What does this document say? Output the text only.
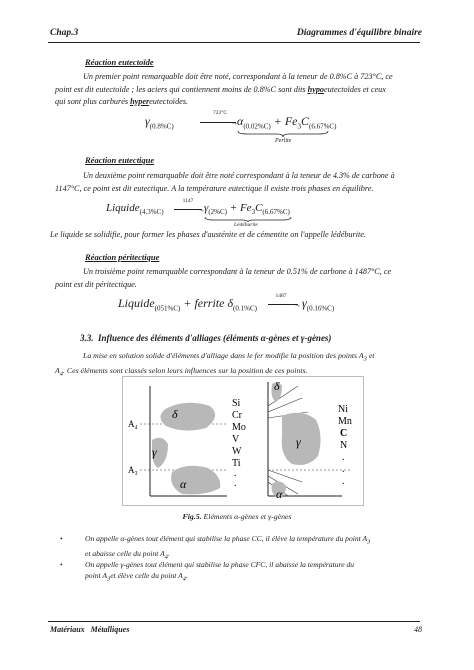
Chap.3	Diagrammes d'équilibre binaire
Réaction eutectoïde
Un premier point remarquable doit être noté, correspondant à la teneur de 0.8%C à 723°C, ce
point est dit eutectoïde ; les aciers qui contiennent moins de 0.8%C sont dits hypoeutectoïdes et ceux
qui sont plus carburés hypereutectoïdes.
$\gamma_{(0.8\%C)}$
723°C
→ $\alpha_{(0.02\%C)} + Fe_3C_{(6.67\%C)}$
Perlite
Réaction eutectique
Un deuxième point remarquable doit être noté correspondant à la teneur de 4.3% de carbone à
1147°C, ce point est dit eutectique. A la température eutectique il existe trois phases en équilibre.
Liquide$_{(4.3\%C)}$
1147
→ $\gamma_{(2\%C)} + Fe_3C_{(6.67\%C)}$
Lédéburite
Le liquide se solidifie, pour former les phases d'austénite et de cémentite on l'appelle lédéburite.
Réaction péritectique
Un troisième point remarquable correspondant à la teneur de 0.51% de carbone à 1487°C, ce
point est dit péritectique.
Liquide$_{(051\%C)}$ + ferrite $\delta_{(0.1\%C)}$
1487
→ $\gamma_{(0.16\%C)}$
3.3. Influence des éléments d'alliages (éléments α-gènes et γ-gènes)
La mise en solution solide d'éléments d'alliage dans le fer modifie la position des points $A_3$ et
$A_4$. Ces éléments sont classés selon leurs influences sur la position de ces points.
A₄
A₃
δ
γ
α
Si
Cr
Mo
V
W
Ti
.
.
δ
γ
α
Ni
Mn
C
N
.
.
.
Fig.5. Eléments α-gènes et γ-gènes
•	On appelle α-gènes tout élément qui stabilise la phase CC, il élève la température du point $A_3$
et abaisse celle du point $A_4$.
•	On appelle γ-gènes tout élément qui stabilise la phase CFC, il abaisse la température du
point $A_3et$ élève celle du point $A_4$.
Matériaux   Métalliques	48
